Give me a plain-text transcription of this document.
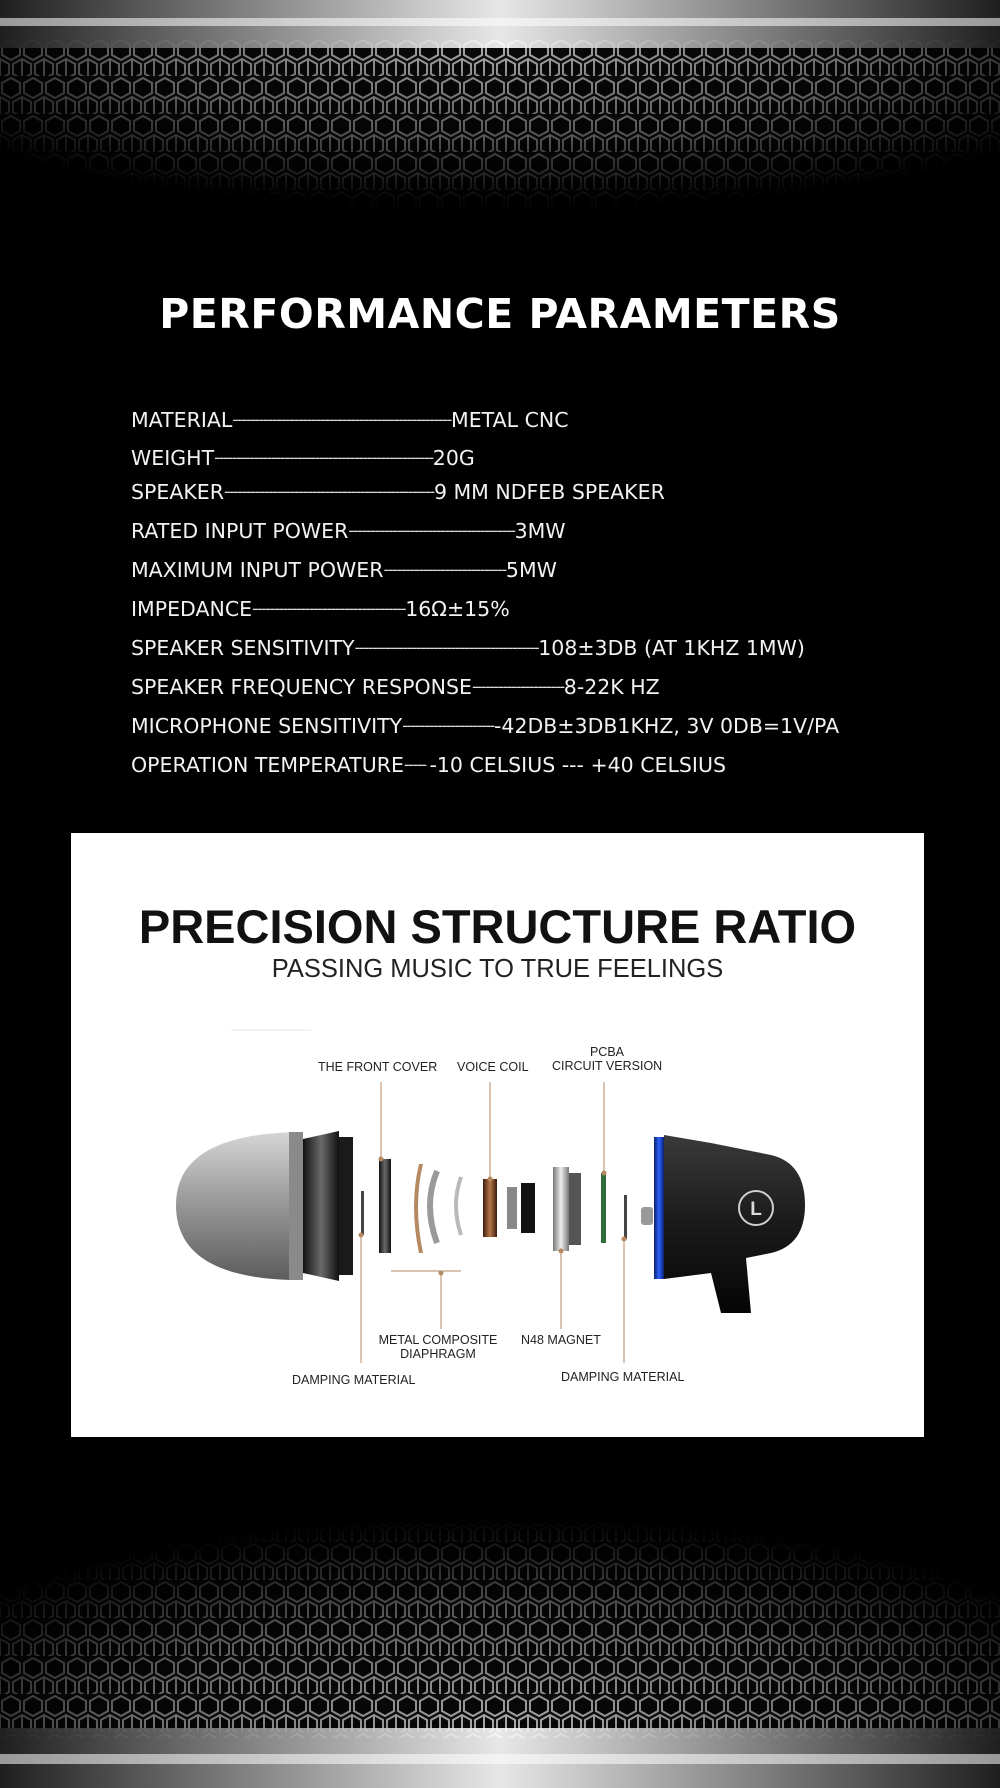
PERFORMANCE PARAMETERS
MATERIAL--------------------------------------------------METAL CNC
WEIGHT--------------------------------------------------20G
SPEAKER------------------------------------------------9 MM NDFEB SPEAKER
RATED INPUT POWER--------------------------------------3MW
MAXIMUM INPUT POWER----------------------------5MW
IMPEDANCE-----------------------------------16Ω±15%
SPEAKER SENSITIVITY------------------------------------------108±3DB (AT 1KHZ 1MW)
SPEAKER FREQUENCY RESPONSE---------------------8-22K HZ
MICROPHONE SENSITIVITY----------------------42DB±3DB1KHZ, 3V 0DB=1V/PA
OPERATION TEMPERATURE----- -10 CELSIUS --- +40 CELSIUS
PRECISION STRUCTURE RATIO
PASSING MUSIC TO TRUE FEELINGS
L
THE FRONT COVER VOICE COIL
PCBA
CIRCUIT VERSION
METAL COMPOSITE
DIAPHRAGM
N48 MAGNET
DAMPING MATERIAL	DAMPING MATERIAL
